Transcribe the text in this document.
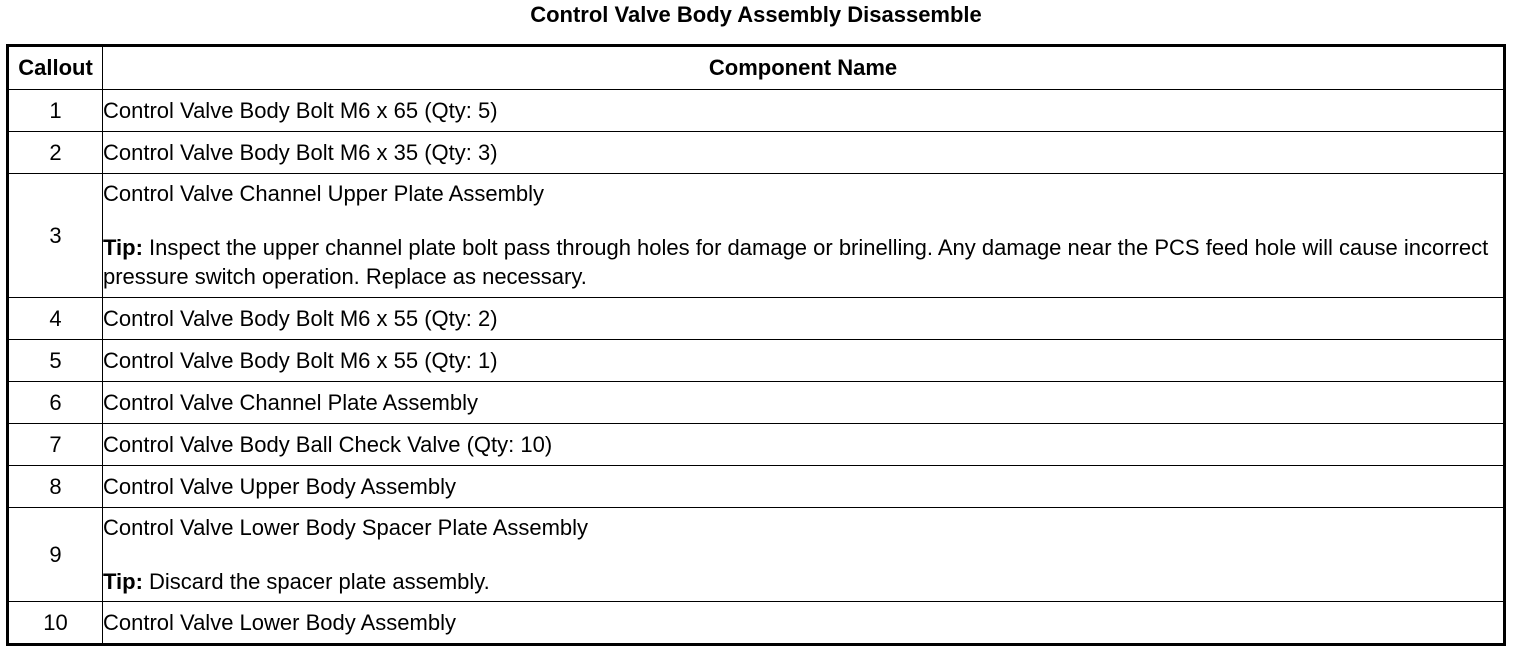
Control Valve Body Assembly Disassemble
Callout	Component Name
1	Control Valve Body Bolt M6 x 65 (Qty: 5)
2	Control Valve Body Bolt M6 x 35 (Qty: 3)
3	Control Valve Channel Upper Plate Assembly
Tip: Inspect the upper channel plate bolt pass through holes for damage or brinelling. Any damage near the PCS feed hole will cause incorrect pressure switch operation. Replace as necessary.

4	Control Valve Body Bolt M6 x 55 (Qty: 2)
5	Control Valve Body Bolt M6 x 55 (Qty: 1)
6	Control Valve Channel Plate Assembly
7	Control Valve Body Ball Check Valve (Qty: 10)
8	Control Valve Upper Body Assembly
9	Control Valve Lower Body Spacer Plate Assembly
Tip: Discard the spacer plate assembly.

10	Control Valve Lower Body Assembly
